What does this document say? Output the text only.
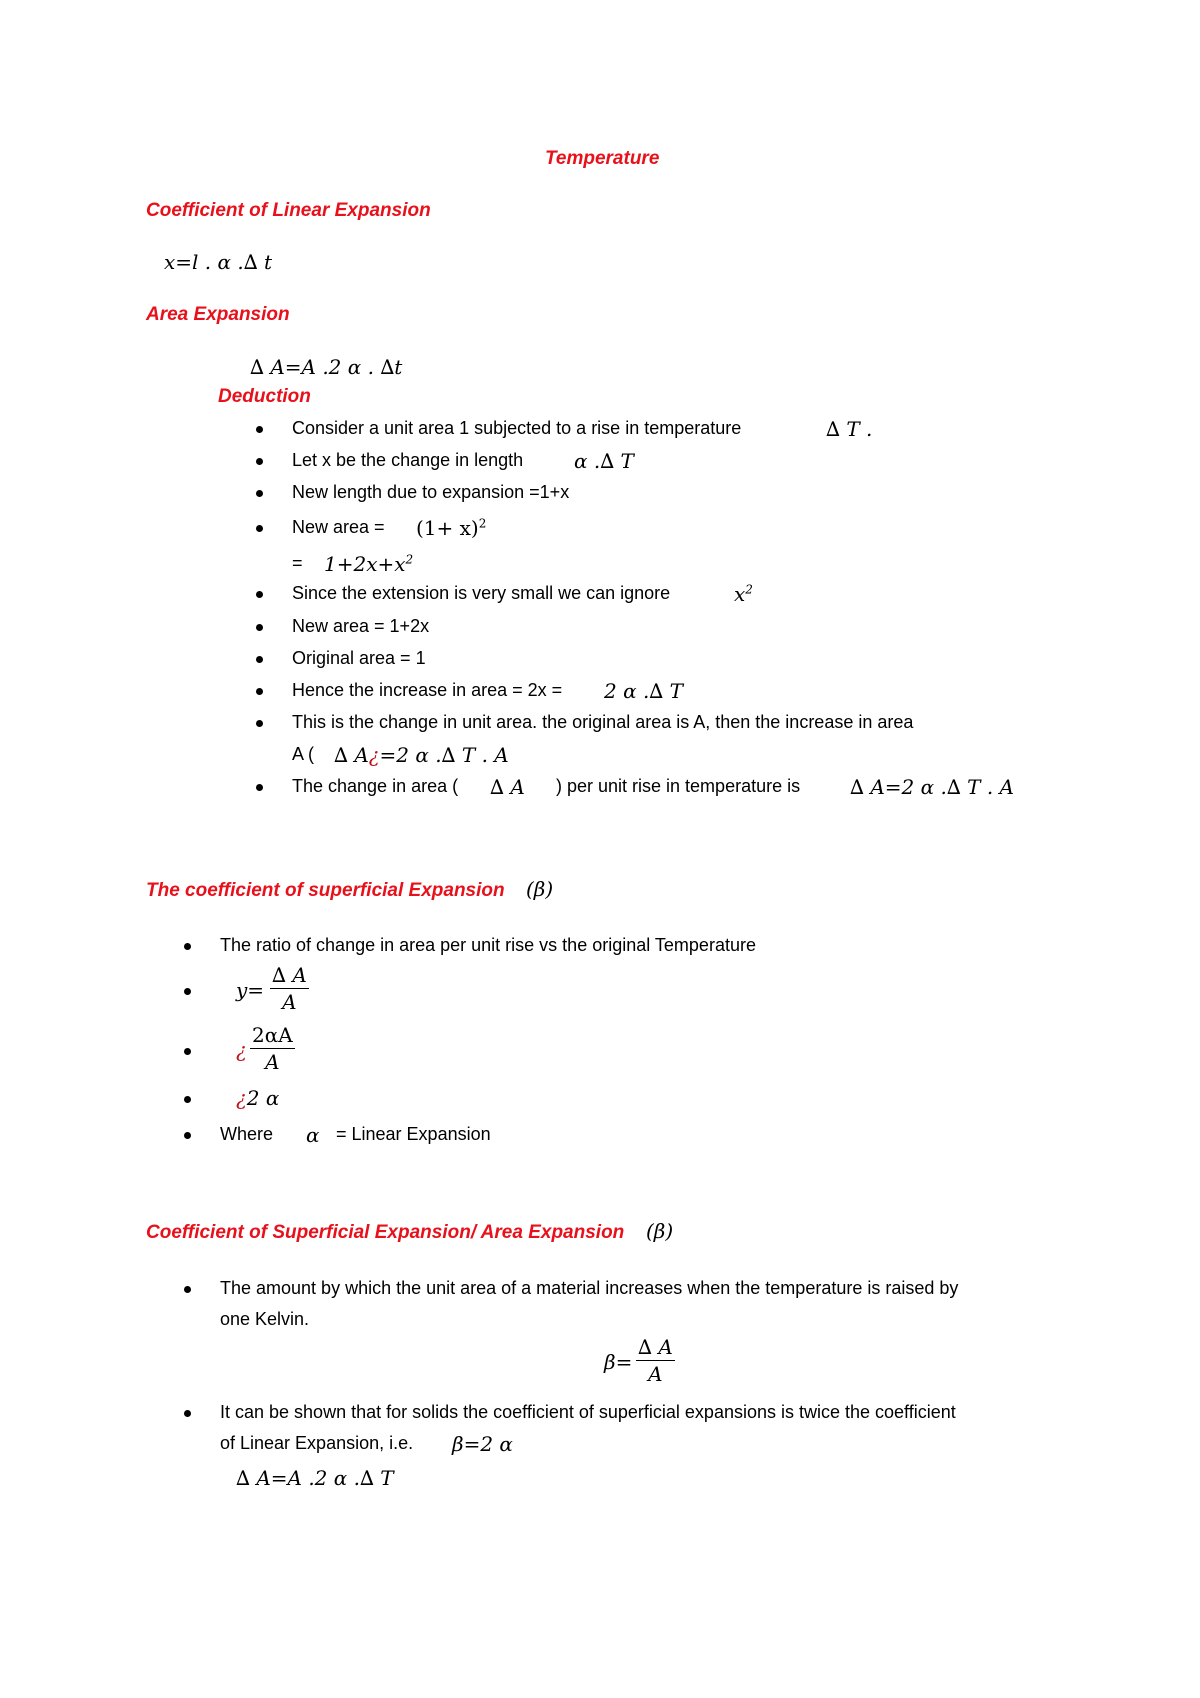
Temperature
Coefficient of Linear Expansion
x=l . α .∆ t
Area Expansion
∆ A=A .2 α . ∆t
Deduction
Consider a unit area 1 subjected to a rise in temperature	∆ T .
Let x be the change in length	α .∆ T
New length due to expansion =1+x
New area = $(1+ x)^2$
= $1+2x+x^2$
Since the extension is very small we can ignore	$x^2$
New area = 1+2x
Original area = 1
Hence the increase in area = 2x = 2 α .∆ T
This is the change in unit area. the original area is A, then the increase in area
A ( ∆ A¿=2 α .∆ T . A
The change in area ( ∆ A ) per unit rise in temperature is ∆ A=2 α .∆ T . A
The coefficient of superficial Expansion (β)
The ratio of change in area per unit rise vs the original Temperature
$y= \frac{\Delta A}{A}$
¿ $\frac{2\alpha A}{A}$
¿2 α
Where α = Linear Expansion
Coefficient of Superficial Expansion/ Area Expansion (β)
The amount by which the unit area of a material increases when the temperature is raised by
one Kelvin.
$\beta= \frac{\Delta A}{A}$
It can be shown that for solids the coefficient of superficial expansions is twice the coefficient
of Linear Expansion, i.e. β=2 α
∆ A=A .2 α .∆ T
